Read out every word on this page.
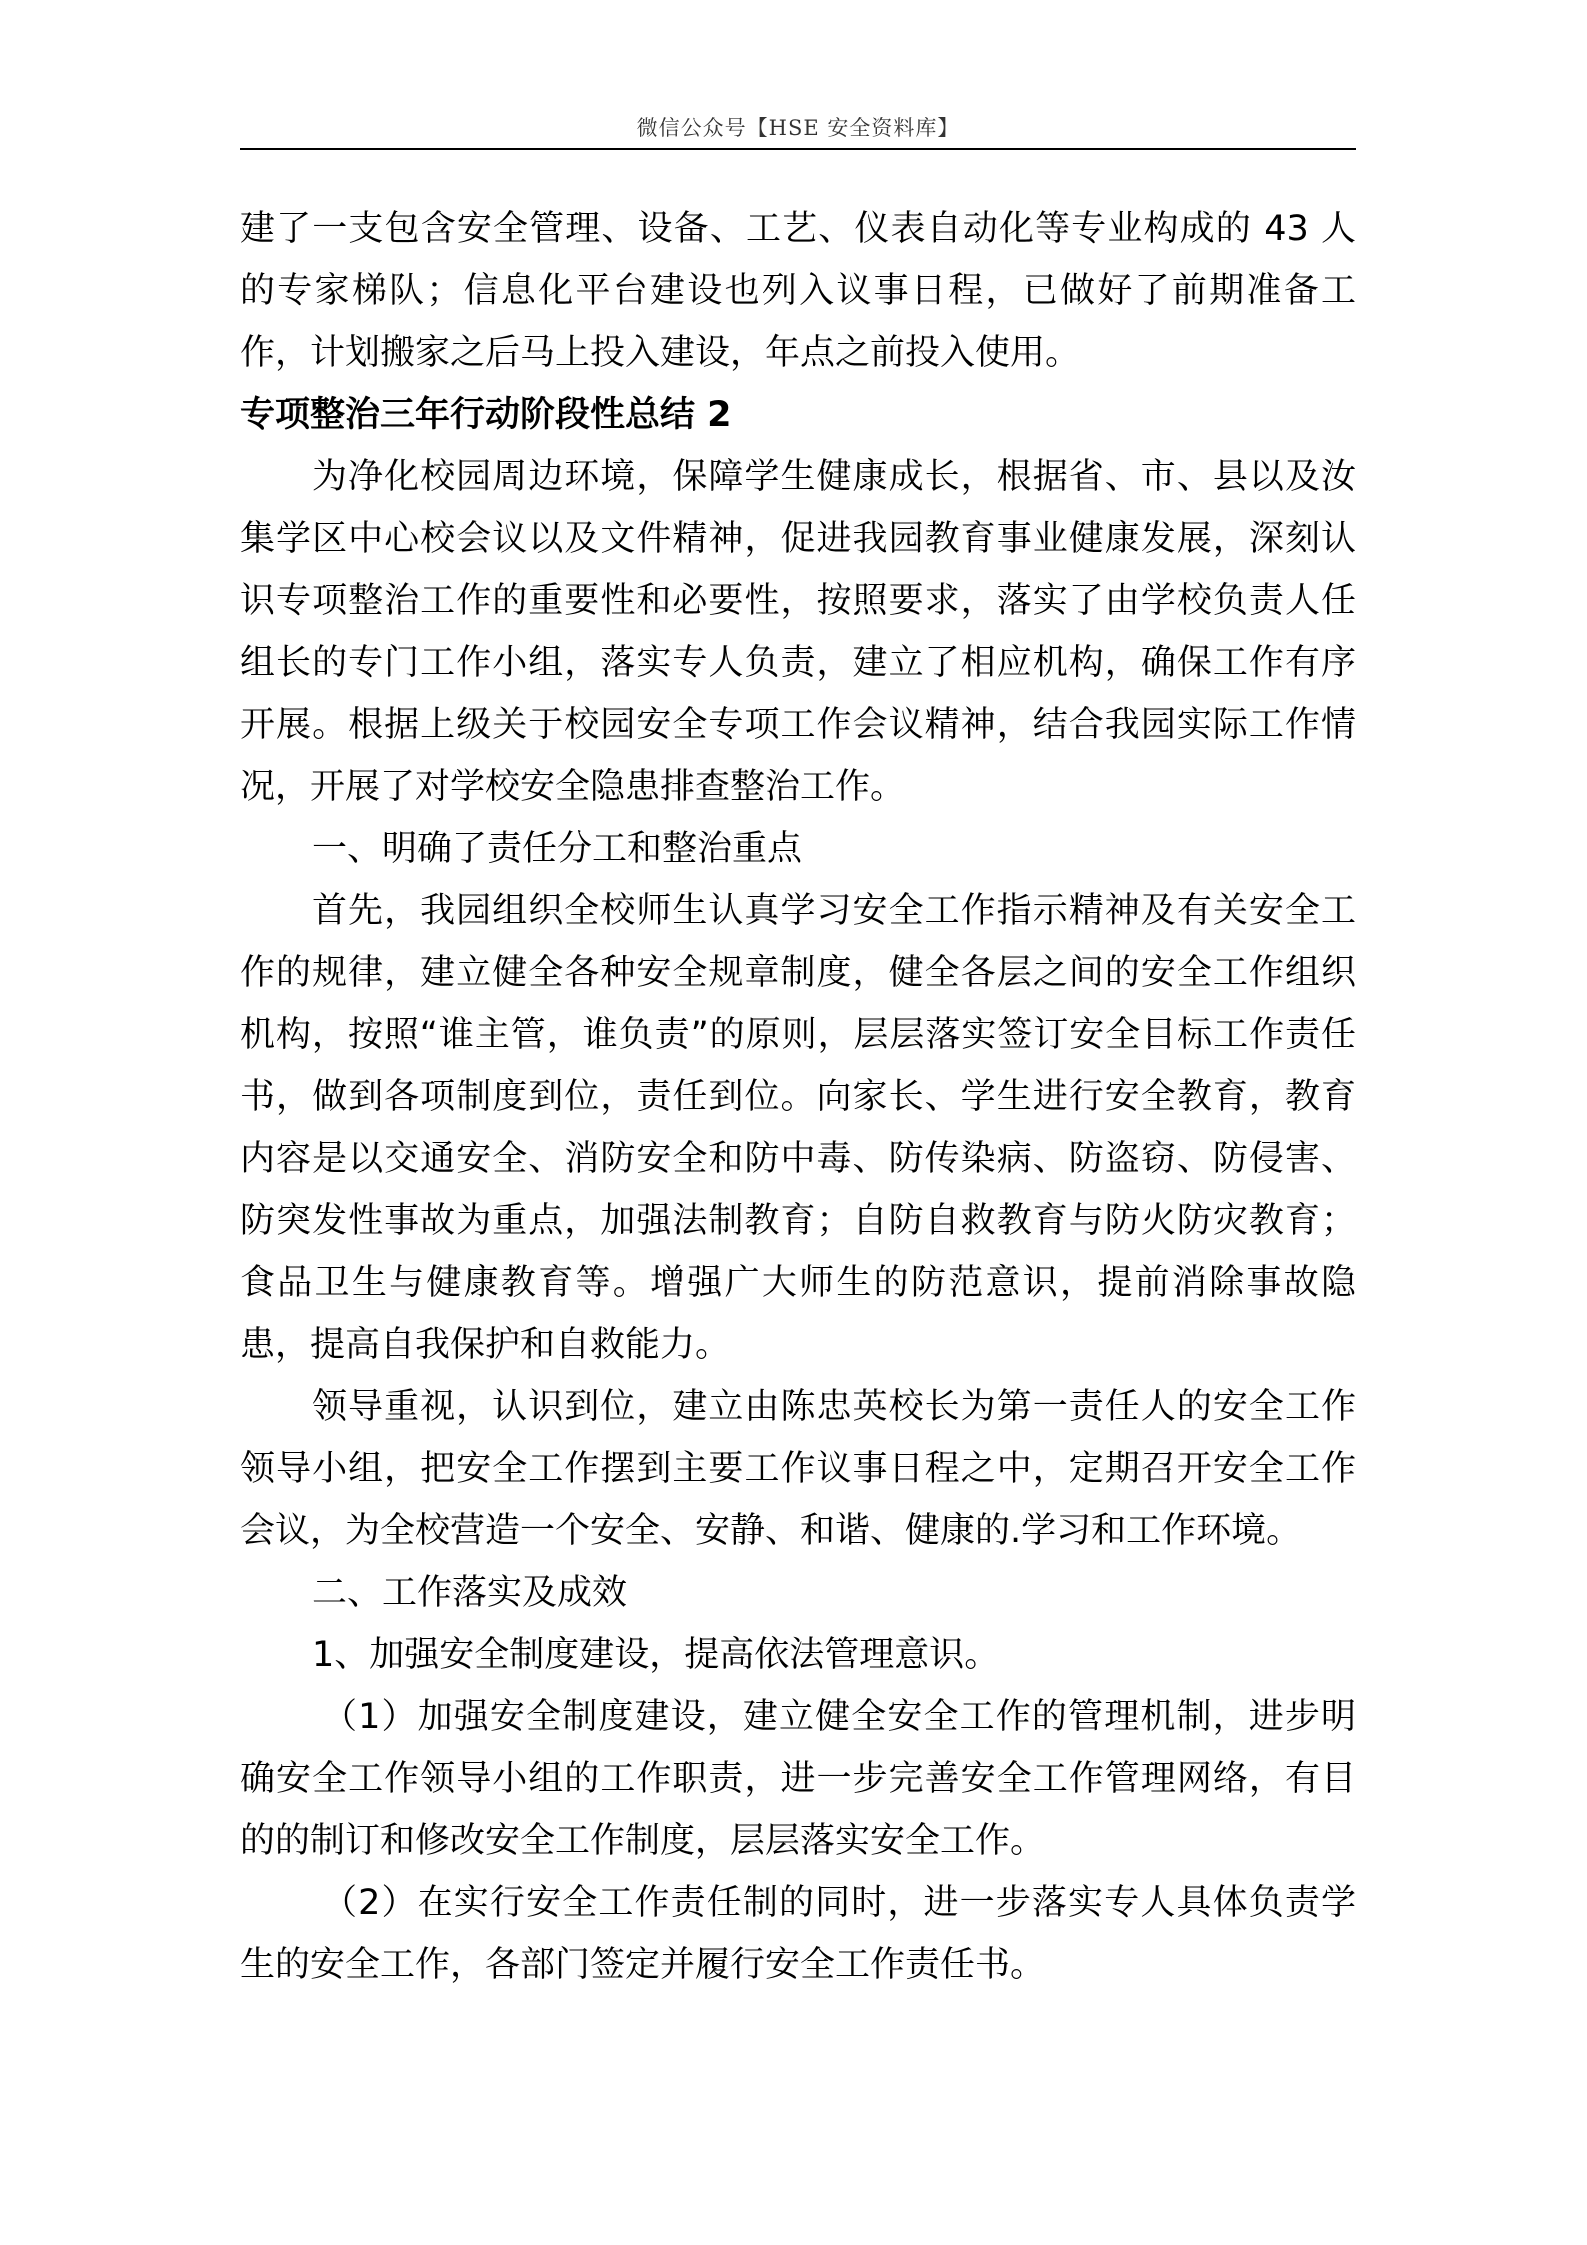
微信公众号【HSE 安全资料库】

建了一支包含安全管理、设备、工艺、仪表自动化等专业构成的 43 人的专家梯队；信息化平台建设也列入议事日程，已做好了前期准备工作，计划搬家之后马上投入建设，年点之前投入使用。

专项整治三年行动阶段性总结 2

为净化校园周边环境，保障学生健康成长，根据省、市、县以及汝集学区中心校会议以及文件精神，促进我园教育事业健康发展，深刻认识专项整治工作的重要性和必要性，按照要求，落实了由学校负责人任组长的专门工作小组，落实专人负责，建立了相应机构，确保工作有序开展。根据上级关于校园安全专项工作会议精神，结合我园实际工作情况，开展了对学校安全隐患排查整治工作。

一、明确了责任分工和整治重点

首先，我园组织全校师生认真学习安全工作指示精神及有关安全工作的规律，建立健全各种安全规章制度，健全各层之间的安全工作组织机构，按照“谁主管，谁负责”的原则，层层落实签订安全目标工作责任书，做到各项制度到位，责任到位。向家长、学生进行安全教育，教育内容是以交通安全、消防安全和防中毒、防传染病、防盗窃、防侵害、防突发性事故为重点，加强法制教育；自防自救教育与防火防灾教育；食品卫生与健康教育等。增强广大师生的防范意识，提前消除事故隐患，提高自我保护和自救能力。

领导重视，认识到位，建立由陈忠英校长为第一责任人的安全工作领导小组，把安全工作摆到主要工作议事日程之中，定期召开安全工作会议，为全校营造一个安全、安静、和谐、健康的.学习和工作环境。

二、工作落实及成效

1、加强安全制度建设，提高依法管理意识。

（1）加强安全制度建设，建立健全安全工作的管理机制，进步明确安全工作领导小组的工作职责，进一步完善安全工作管理网络，有目的的制订和修改安全工作制度，层层落实安全工作。

（2）在实行安全工作责任制的同时，进一步落实专人具体负责学生的安全工作，各部门签定并履行安全工作责任书。
